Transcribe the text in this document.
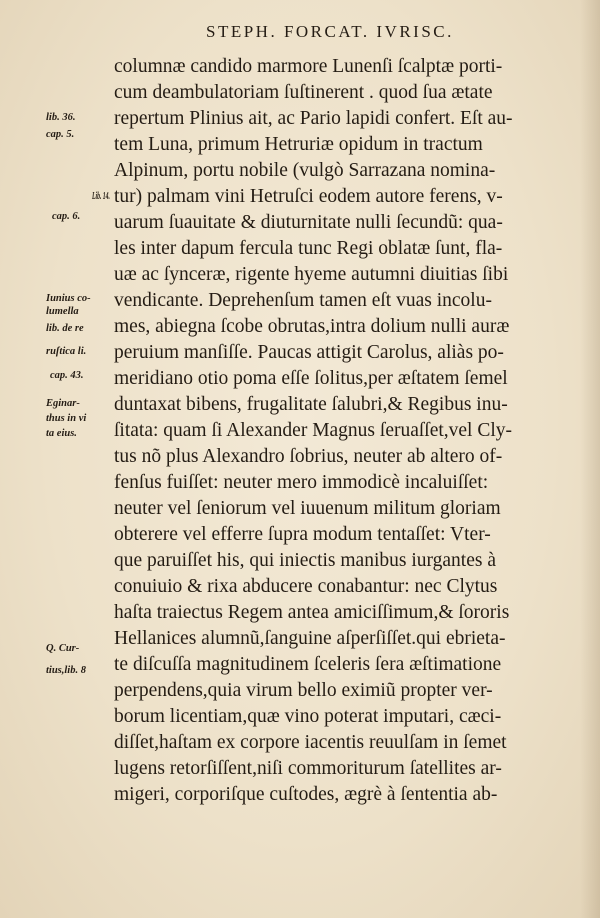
STEPH. FORCAT. IVRISC.
columnæ candido marmore Lunenſi ſcalptæ porti-
cum deambulatoriam ſuſtinerent . quod ſua ætate
repertum Plinius ait, ac Pario lapidi confert. Eſt au-
tem Luna, primum Hetruriæ opidum in tractum
Alpinum, portu nobile (vulgò Sarrazana nomina-
tur) palmam vini Hetruſci eodem autore ferens, v-
uarum ſuauitate & diuturnitate nulli ſecundũ: qua-
les inter dapum fercula tunc Regi oblatæ ſunt, fla-
uæ ac ſynceræ, rigente hyeme autumni diuitias ſibi
vendicante. Deprehenſum tamen eſt vuas incolu-
mes, abiegna ſcobe obrutas,intra dolium nulli auræ
peruium manſiſſe. Paucas attigit Carolus, aliàs po-
meridiano otio poma eſſe ſolitus,per æſtatem ſemel
duntaxat bibens, frugalitate ſalubri,& Regibus inu-
ſitata: quam ſi Alexander Magnus ſeruaſſet,vel Cly-
tus nõ plus Alexandro ſobrius, neuter ab altero of-
fenſus fuiſſet: neuter mero immodicè incaluiſſet:
neuter vel ſeniorum vel iuuenum militum gloriam
obterere vel efferre ſupra modum tentaſſet: Vter-
que paruiſſet his, qui iniectis manibus iurgantes à
conuiuio & rixa abducere conabantur: nec Clytus
haſta traiectus Regem antea amiciſſimum,& ſororis
Hellanices alumnũ,ſanguine aſperſiſſet.qui ebrieta-
te diſcuſſa magnitudinem ſceleris ſera æſtimatione
perpendens,quia virum bello eximiũ propter ver-
borum licentiam,quæ vino poterat imputari, cæci-
diſſet,haſtam ex corpore iacentis reuulſam in ſemet
lugens retorſiſſent,niſi commoriturum ſatellites ar-
migeri, corporiſque cuſtodes, ægrè à ſententia ab-
lib. 36.
cap. 5.
Lib. 14.
cap. 6.
Iunius co-
lumella
lib. de re
ruſtica li.
cap. 43.
Eginar-
thus in vi
ta eius.
Q. Cur-
tius,lib. 8
